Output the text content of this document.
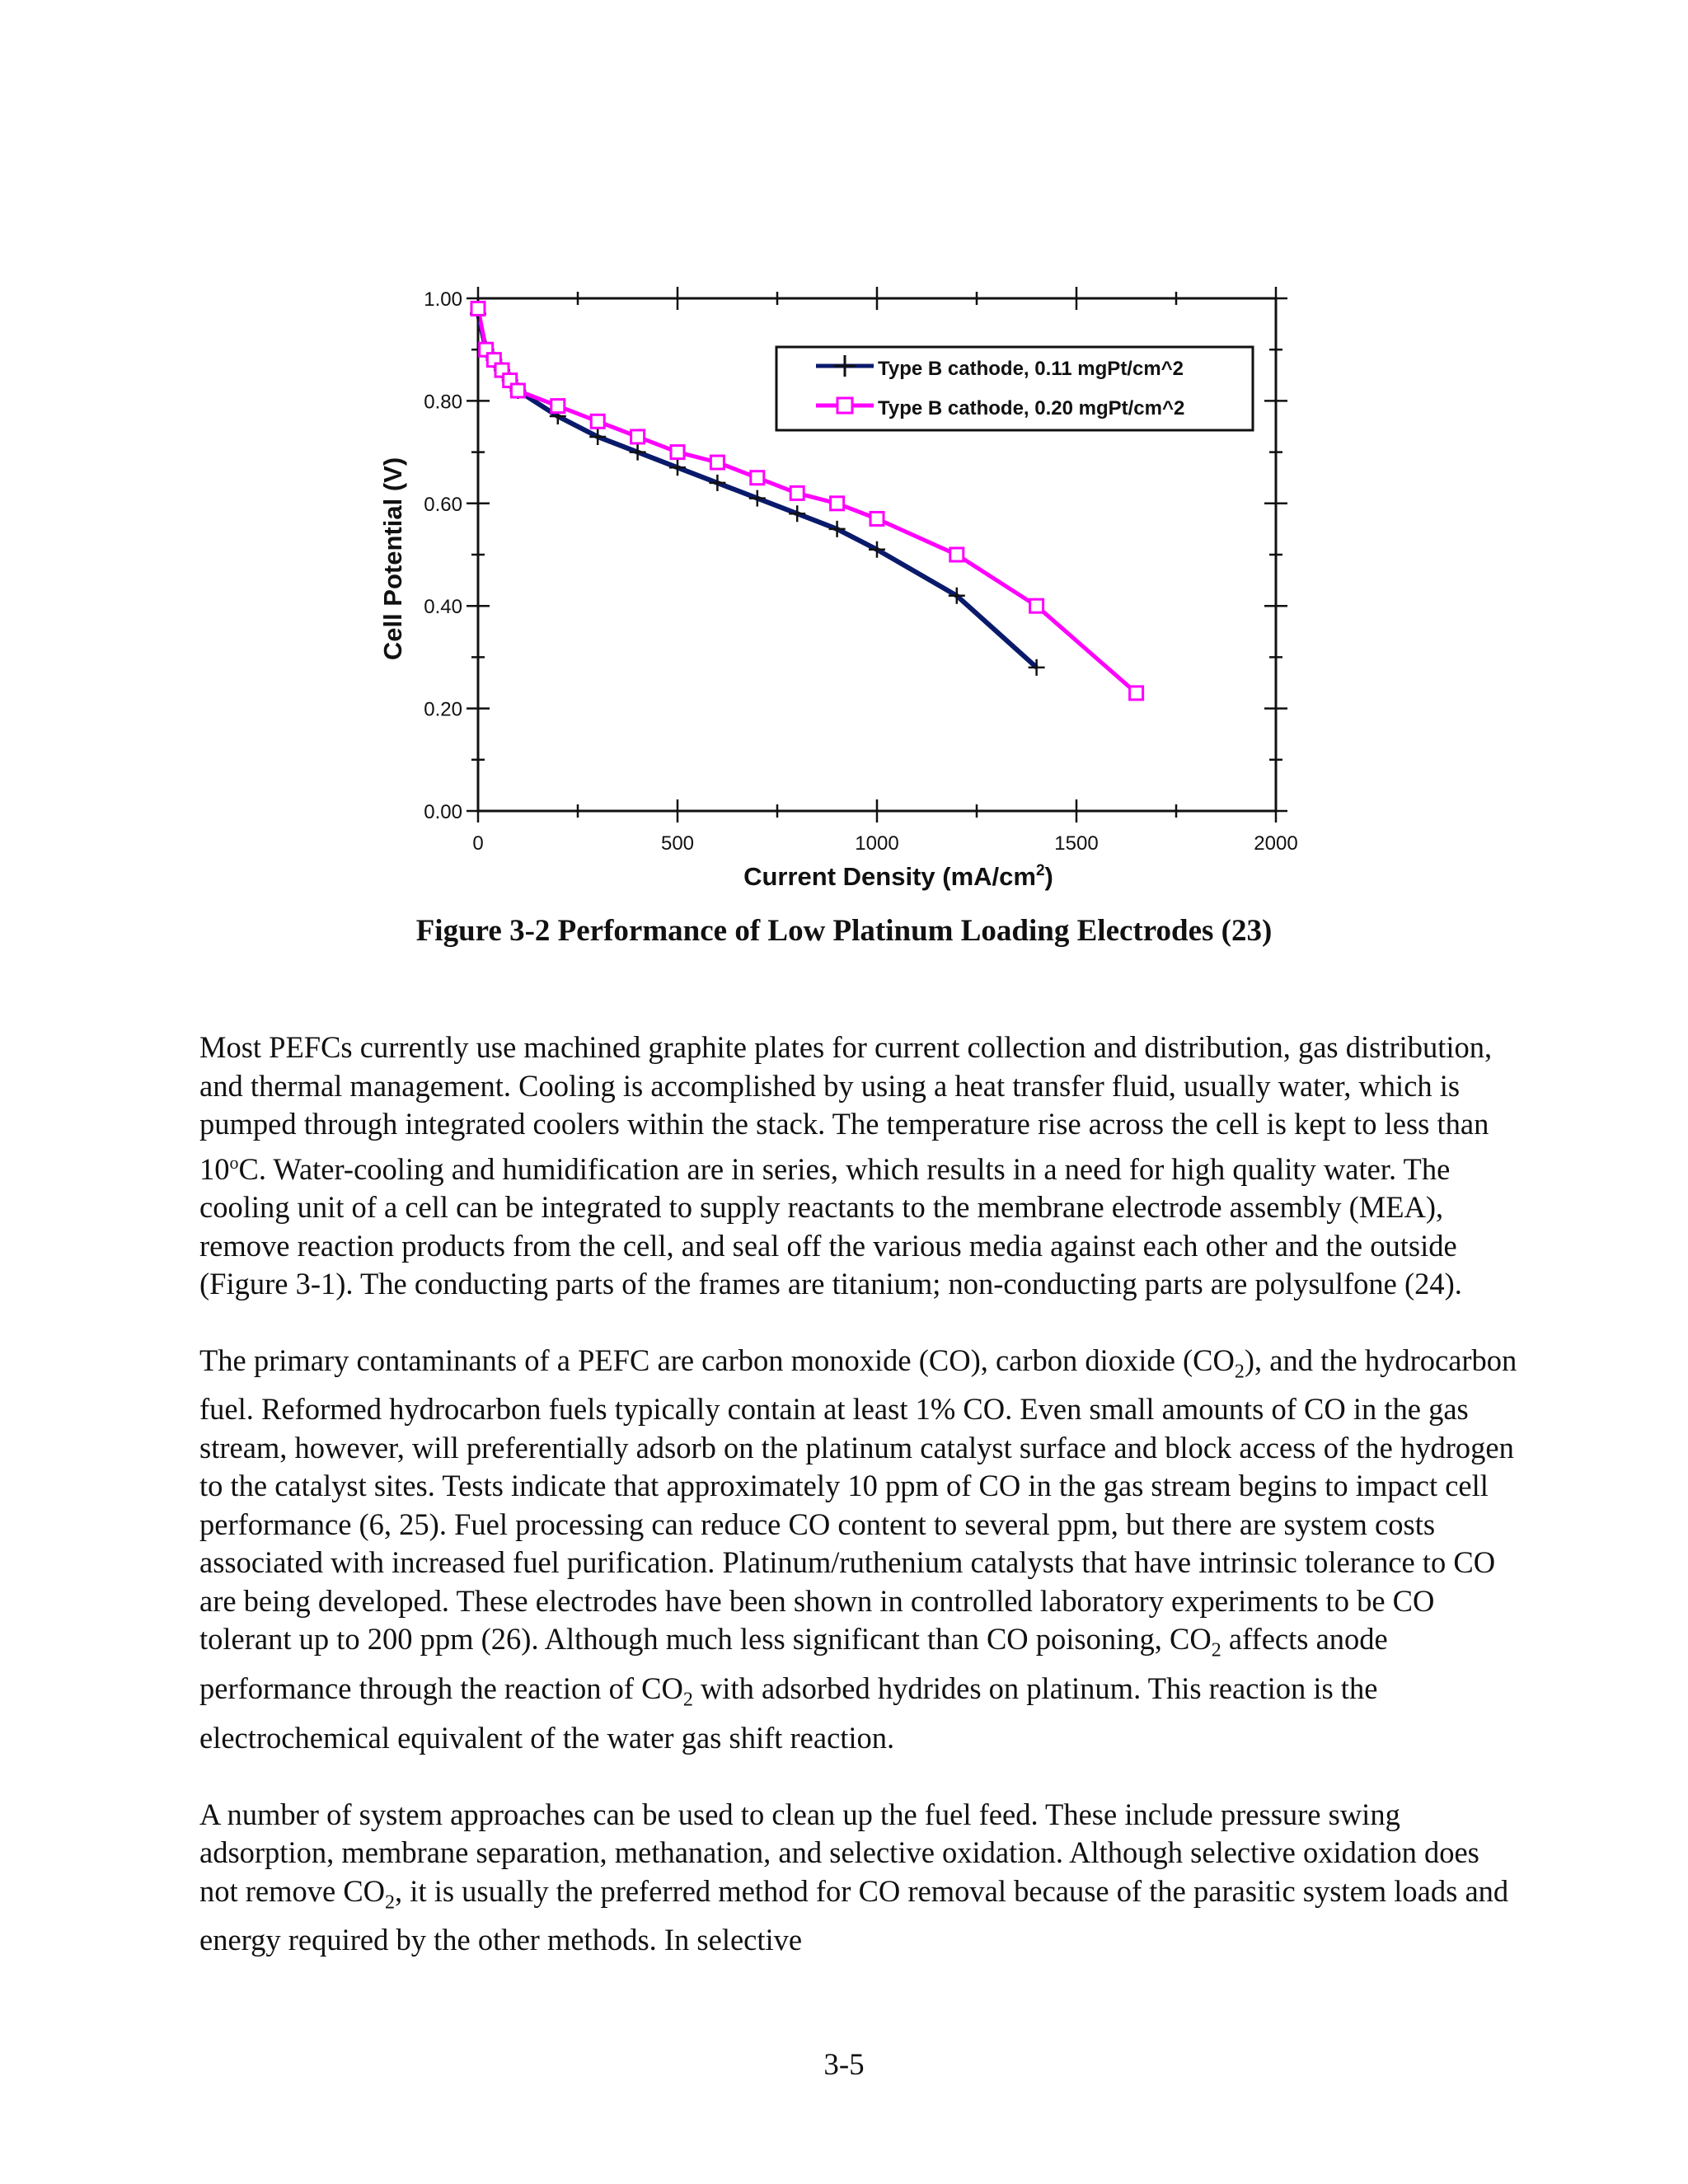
0	500	1000	1500	2000
0.00
0.20
0.40
0.60
0.80
1.00
Cell Potential (V)
Current Density $(mA/cm^2)$
Type B cathode, 0.11 mgPt/cm^2
Type B cathode, 0.20 mgPt/cm^2
Figure 3-2 Performance of Low Platinum Loading Electrodes (23)

Most PEFCs currently use machined graphite plates for current collection and distribution, gas distribution, and thermal management. Cooling is accomplished by using a heat transfer fluid, usually water, which is pumped through integrated coolers within the stack. The temperature rise across the cell is kept to less than 10$^o$C. Water-cooling and humidification are in series, which results in a need for high quality water. The cooling unit of a cell can be integrated to supply reactants to the membrane electrode assembly (MEA), remove reaction products from the cell, and seal off the various media against each other and the outside (Figure 3-1). The conducting parts of the frames are titanium; non-conducting parts are polysulfone (24).

The primary contaminants of a PEFC are carbon monoxide (CO), carbon dioxide $(CO_2)$, and the hydrocarbon fuel. Reformed hydrocarbon fuels typically contain at least 1% CO. Even small amounts of CO in the gas stream, however, will preferentially adsorb on the platinum catalyst surface and block access of the hydrogen to the catalyst sites. Tests indicate that approximately 10 ppm of CO in the gas stream begins to impact cell performance (6, 25). Fuel processing can reduce CO content to several ppm, but there are system costs associated with increased fuel purification. Platinum/ruthenium catalysts that have intrinsic tolerance to CO are being developed. These electrodes have been shown in controlled laboratory experiments to be CO tolerant up to 200 ppm (26). Although much less significant than CO poisoning, $CO_2$ affects anode performance through the reaction of $CO_2$ with adsorbed hydrides on platinum. This reaction is the electrochemical equivalent of the water gas shift reaction.

A number of system approaches can be used to clean up the fuel feed. These include pressure swing adsorption, membrane separation, methanation, and selective oxidation. Although selective oxidation does not remove $CO_2$, it is usually the preferred method for CO removal because of the parasitic system loads and energy required by the other methods. In selective

3-5
